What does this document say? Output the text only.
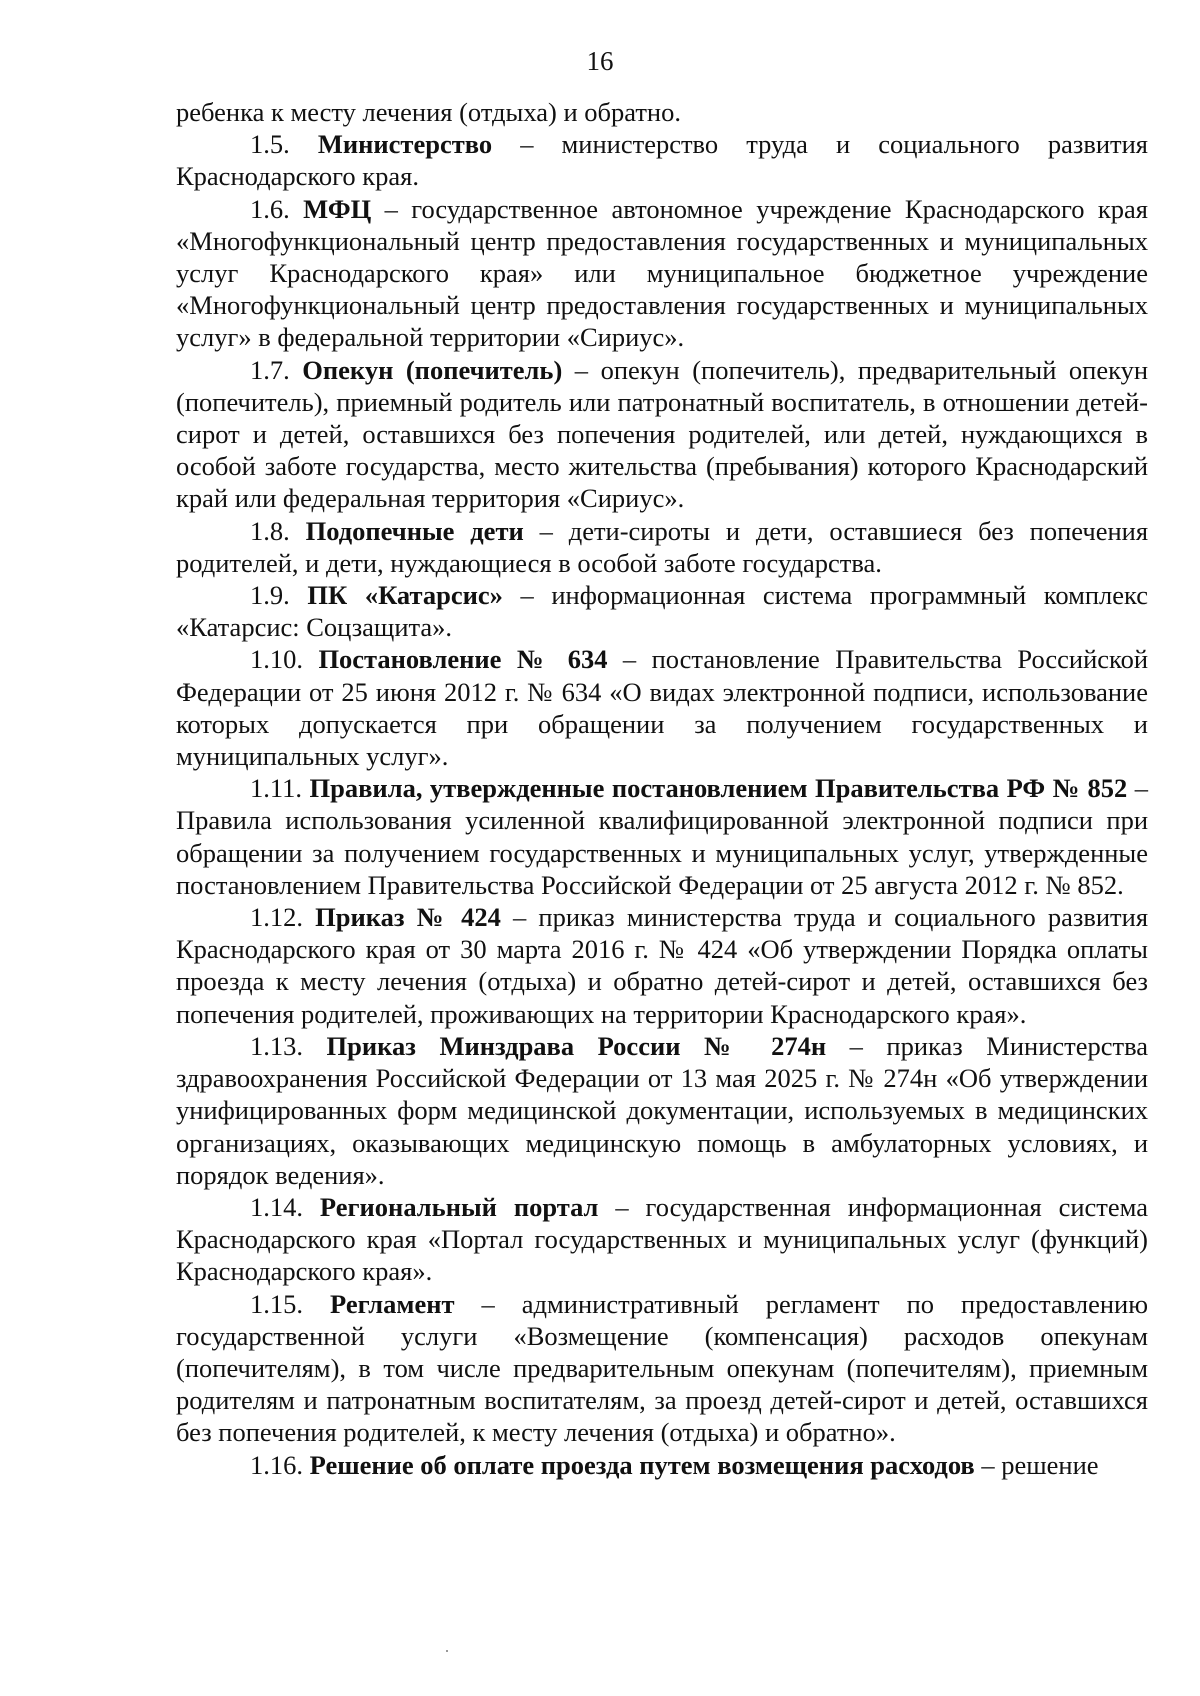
16

ребенка к месту лечения (отдыха) и обратно.

1.5. Министерство – министерство труда и социального развития Краснодарского края.

1.6. МФЦ – государственное автономное учреждение Краснодарского края «Многофункциональный центр предоставления государственных и муниципальных услуг Краснодарского края» или муниципальное бюджетное учреждение «Многофункциональный центр предоставления государственных и муниципальных услуг» в федеральной территории «Сириус».

1.7. Опекун (попечитель) – опекун (попечитель), предварительный опекун (попечитель), приемный родитель или патронатный воспитатель, в отношении детей-сирот и детей, оставшихся без попечения родителей, или детей, нуждающихся в особой заботе государства, место жительства (пребывания) которого Краснодарский край или федеральная территория «Сириус».

1.8. Подопечные дети – дети-сироты и дети, оставшиеся без попечения родителей, и дети, нуждающиеся в особой заботе государства.

1.9. ПК «Катарсис» – информационная система программный комплекс «Катарсис: Соцзащита».

1.10. Постановление № 634 – постановление Правительства Российской Федерации от 25 июня 2012 г. № 634 «О видах электронной подписи, использование которых допускается при обращении за получением государственных и муниципальных услуг».

1.11. Правила, утвержденные постановлением Правительства РФ № 852 – Правила использования усиленной квалифицированной электронной подписи при обращении за получением государственных и муниципальных услуг, утвержденные постановлением Правительства Российской Федерации от 25 августа 2012 г. № 852.

1.12. Приказ № 424 – приказ министерства труда и социального развития Краснодарского края от 30 марта 2016 г. № 424 «Об утверждении Порядка оплаты проезда к месту лечения (отдыха) и обратно детей-сирот и детей, оставшихся без попечения родителей, проживающих на территории Краснодарского края».

1.13. Приказ Минздрава России № 274н – приказ Министерства здравоохранения Российской Федерации от 13 мая 2025 г. № 274н «Об утверждении унифицированных форм медицинской документации, используемых в медицинских организациях, оказывающих медицинскую помощь в амбулаторных условиях, и порядок ведения».

1.14. Региональный портал – государственная информационная система Краснодарского края «Портал государственных и муниципальных услуг (функций) Краснодарского края».

1.15. Регламент – административный регламент по предоставлению государственной услуги «Возмещение (компенсация) расходов опекунам (попечителям), в том числе предварительным опекунам (попечителям), приемным родителям и патронатным воспитателям, за проезд детей-сирот и детей, оставшихся без попечения родителей, к месту лечения (отдыха) и обратно».

1.16. Решение об оплате проезда путем возмещения расходов – решение
